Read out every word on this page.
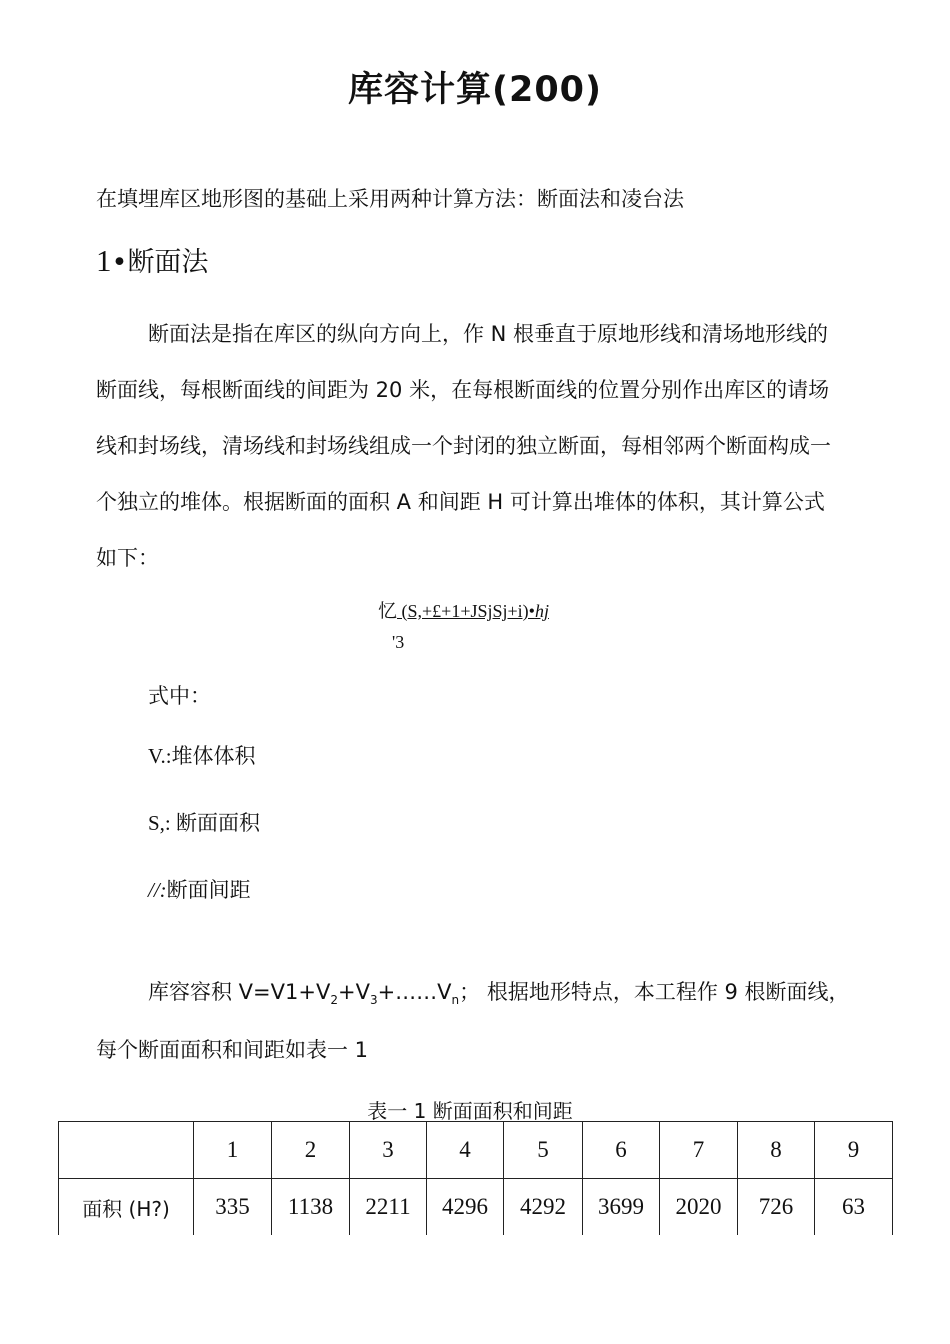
库容计算(200)
在填埋库区地形图的基础上采用两种计算方法：断面法和凌台法
1•断面法
断面法是指在库区的纵向方向上，作 N 根垂直于原地形线和清场地形线的
断面线，每根断面线的间距为 20 米，在每根断面线的位置分别作出库区的请场
线和封场线，清场线和封场线组成一个封闭的独立断面，每相邻两个断面构成一
个独立的堆体。根据断面的面积 A 和间距 H 可计算出堆体的体积，其计算公式
如下：
忆 (S,+£+1+JSjSj+i)•hj
'3
式中：
V.:堆体体积
S,: 断面面积
//:断面间距
库容容积 $V=V1+V_2+V_3+\dots\dots V_n$； 根据地形特点，本工程作 9 根断面线，
每个断面面积和间距如表一 1
表一 1 断面面积和间距
	1	2	3	4	5	6	7	8	9
面积 (H?)	335	1138	2211	4296	4292	3699	2020	726	63
